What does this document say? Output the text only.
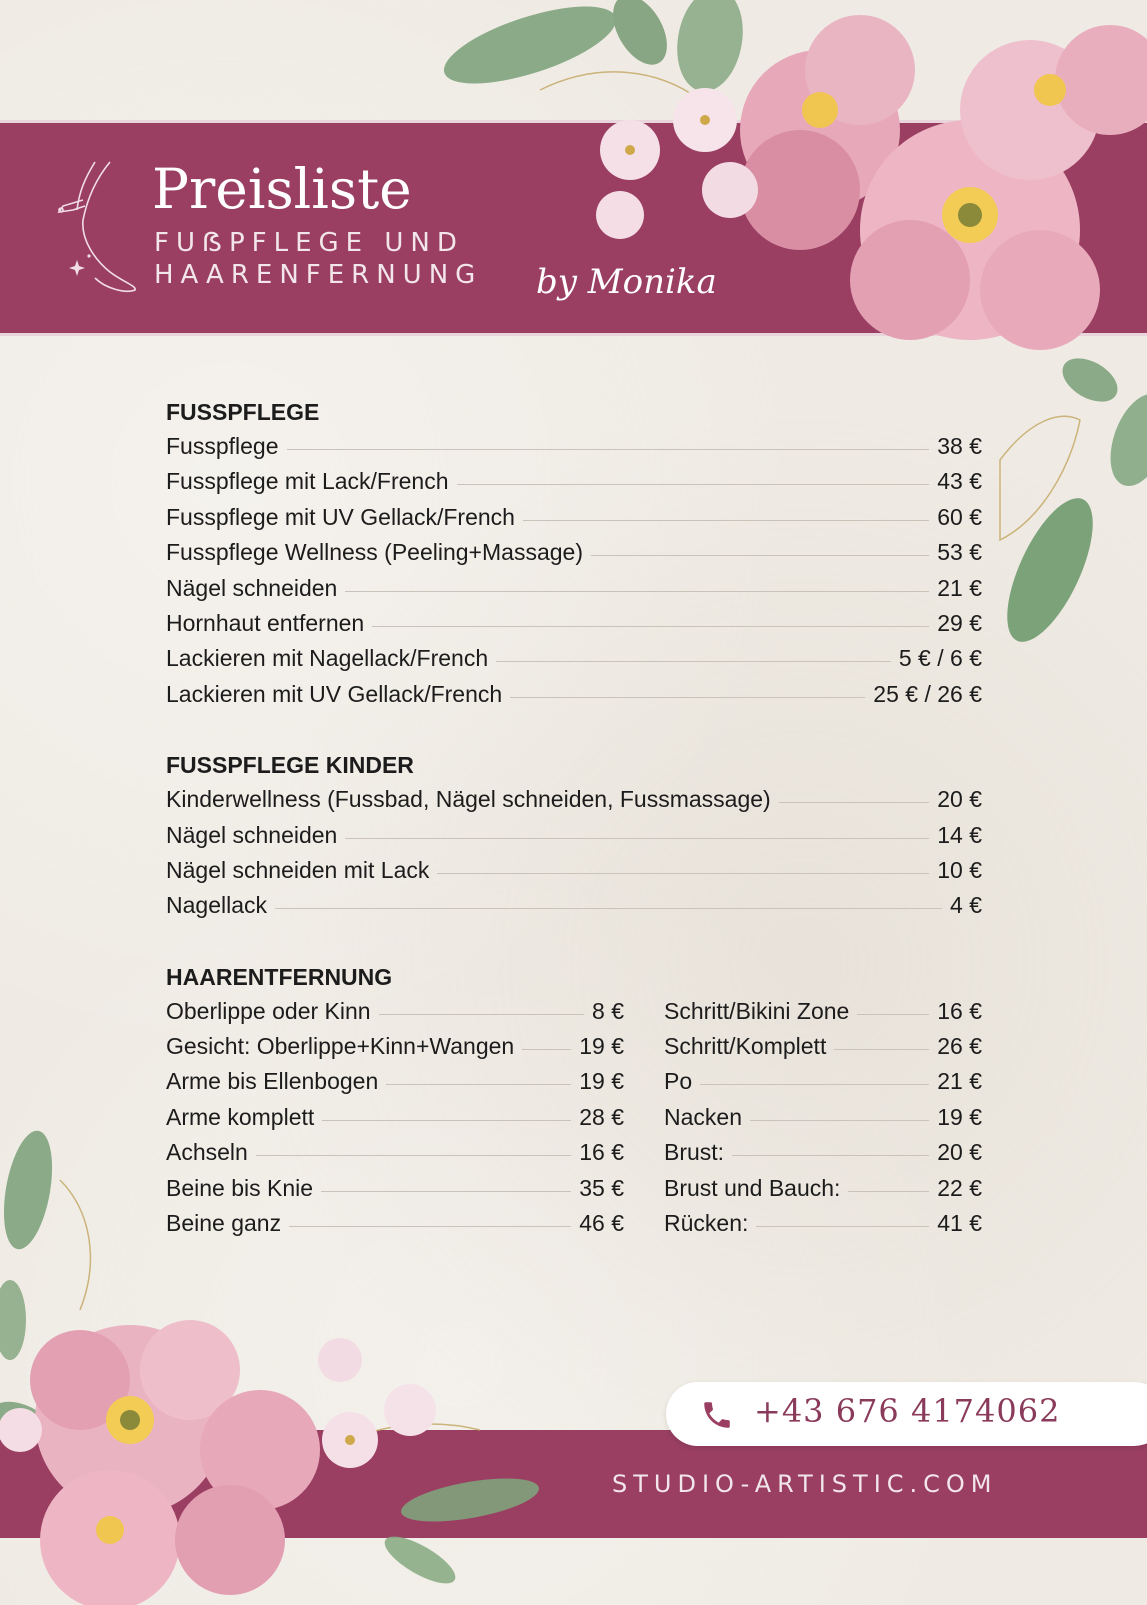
Preisliste
FUẞPFLEGE UND
HAARENFERNUNG	by Monika
FUSSPFLEGE
Fusspflege	38 €
Fusspflege mit Lack/French	43 €
Fusspflege mit UV Gellack/French	60 €
Fusspflege Wellness (Peeling+Massage)	53 €
Nägel schneiden	21 €
Hornhaut entfernen	29 €
Lackieren mit Nagellack/French	5 € / 6 €
Lackieren mit UV Gellack/French	25 € / 26 €
FUSSPFLEGE KINDER
Kinderwellness (Fussbad, Nägel schneiden, Fussmassage)	20 €
Nägel schneiden	14 €
Nägel schneiden mit Lack	10 €
Nagellack	4 €
HAARENTFERNUNG
Oberlippe oder Kinn	8 €
Gesicht: Oberlippe+Kinn+Wangen	19 €
Arme bis Ellenbogen	19 €
Arme komplett	28 €
Achseln	16 €
Beine bis Knie	35 €
Beine ganz	46 €
Schritt/Bikini Zone	16 €
Schritt/Komplett	26 €
Po	21 €
Nacken	19 €
Brust:	20 €
Brust und Bauch:	22 €
Rücken:	41 €
+43 676 4174062
STUDIO-ARTISTIC.COM
